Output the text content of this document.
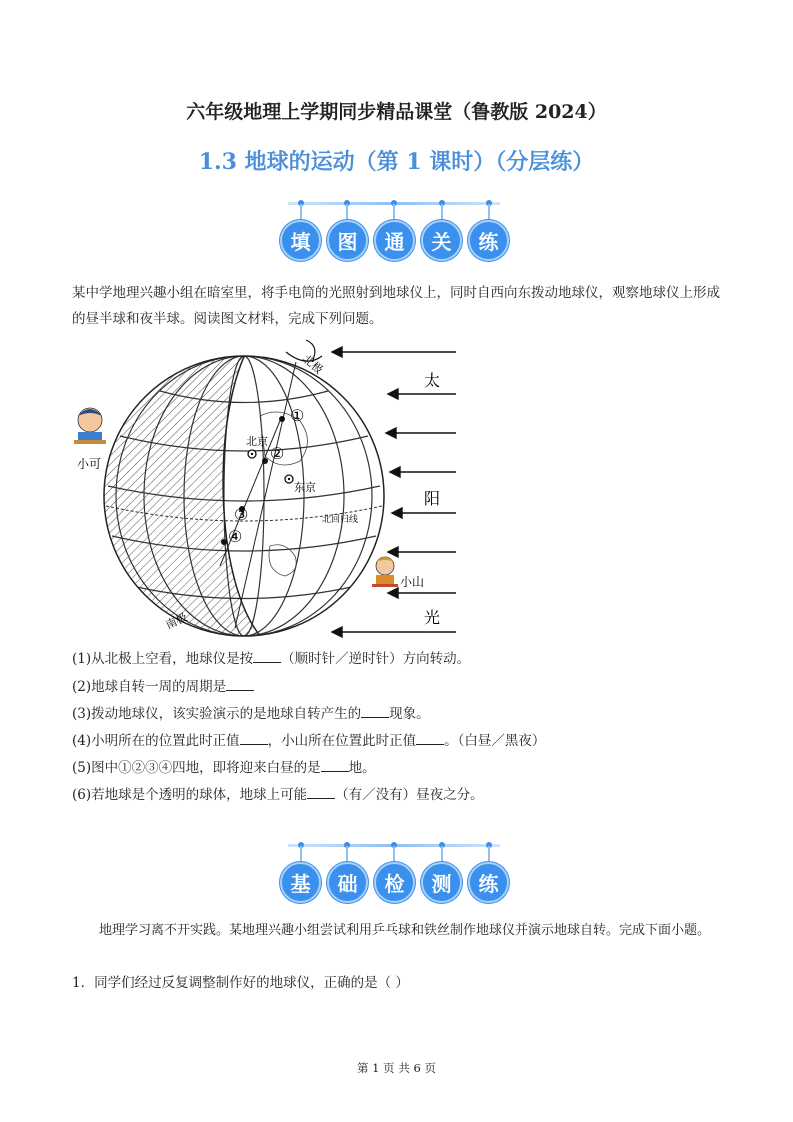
六年级地理上学期同步精品课堂（鲁教版 2024）
1.3 地球的运动（第 1 课时）（分层练）
填	图	通	关	练
某中学地理兴趣小组在暗室里，将手电筒的光照射到地球仪上，同时自西向东拨动地球仪，观察地球仪上形成的昼半球和夜半球。阅读图文材料，完成下列问题。
①
②
③
④
北京
东京
北回归线
北极
南极
太
阳
光
小可
小山
(1)从北极上空看，地球仪是按 （顺时针／逆时针）方向转动。
(2)地球自转一周的周期是
(3)拨动地球仪，该实验演示的是地球自转产生的 现象。
(4)小明所在的位置此时正值 ，小山所在位置此时正值 。（白昼／黑夜）
(5)图中①②③④四地，即将迎来白昼的是 地。
(6)若地球是个透明的球体，地球上可能 （有／没有）昼夜之分。
基	础	检	测	练
地理学习离不开实践。某地理兴趣小组尝试利用乒乓球和铁丝制作地球仪并演示地球自转。完成下面小题。
1．同学们经过反复调整制作好的地球仪，正确的是（ ）
第 1 页 共 6 页
